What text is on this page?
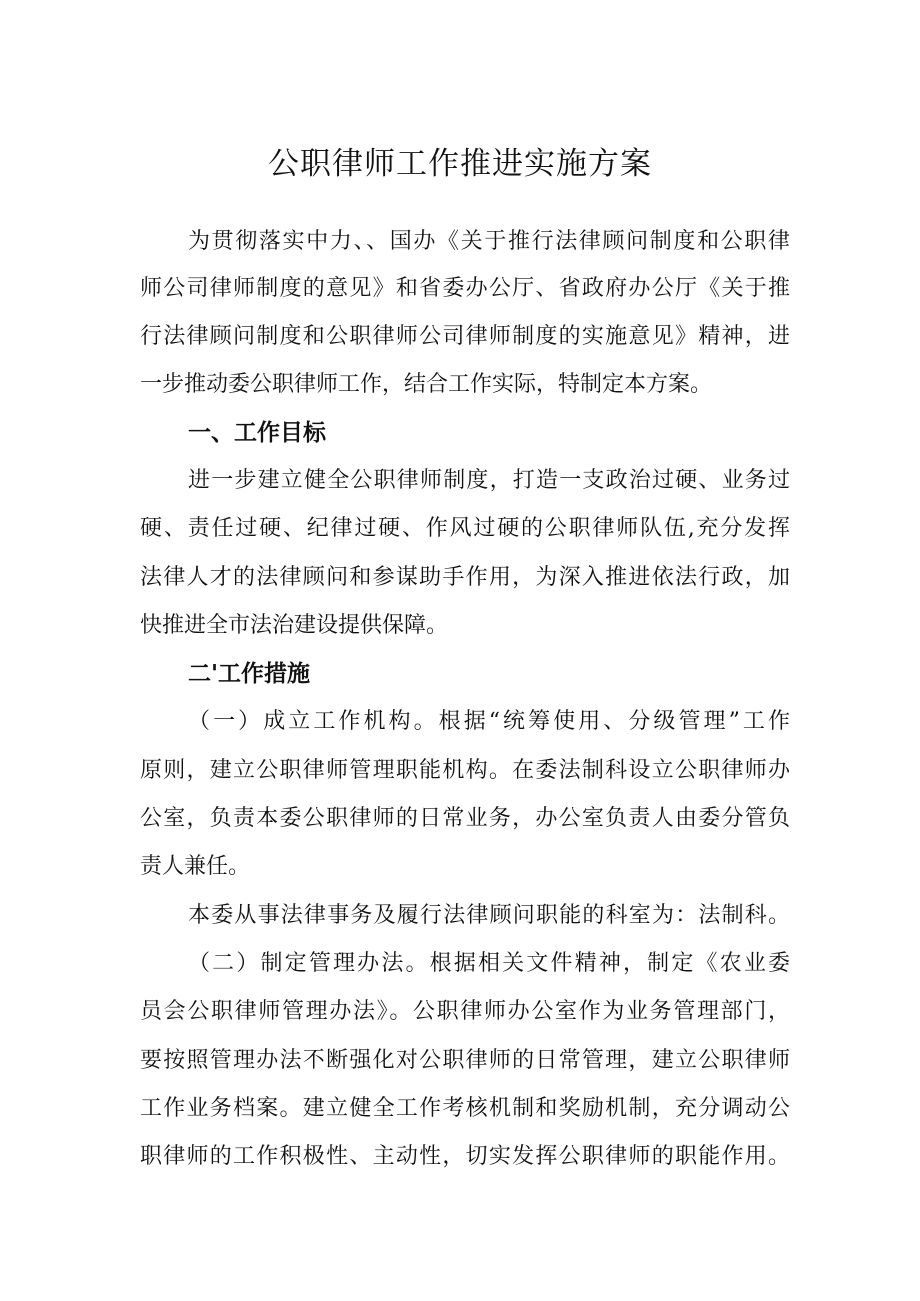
公职律师工作推进实施方案
为贯彻落实中力、、国办《关于推行法律顾问制度和公职律
师公司律师制度的意见》和省委办公厅、省政府办公厅《关于推
行法律顾问制度和公职律师公司律师制度的实施意见》精神，进
一步推动委公职律师工作，结合工作实际，特制定本方案。
一、工作目标
进一步建立健全公职律师制度，打造一支政治过硬、业务过
硬、责任过硬、纪律过硬、作风过硬的公职律师队伍,充分发挥
法律人才的法律顾问和参谋助手作用，为深入推进依法行政，加
快推进全市法治建设提供保障。
二'工作措施
（一）成立工作机构。根据“统筹使用、分级管理”工作
原则，建立公职律师管理职能机构。在委法制科设立公职律师办
公室，负责本委公职律师的日常业务，办公室负责人由委分管负
责人兼任。
本委从事法律事务及履行法律顾问职能的科室为：法制科。
（二）制定管理办法。根据相关文件精神，制定《农业委
员会公职律师管理办法》。公职律师办公室作为业务管理部门，
要按照管理办法不断强化对公职律师的日常管理，建立公职律师
工作业务档案。建立健全工作考核机制和奖励机制，充分调动公
职律师的工作积极性、主动性，切实发挥公职律师的职能作用。
